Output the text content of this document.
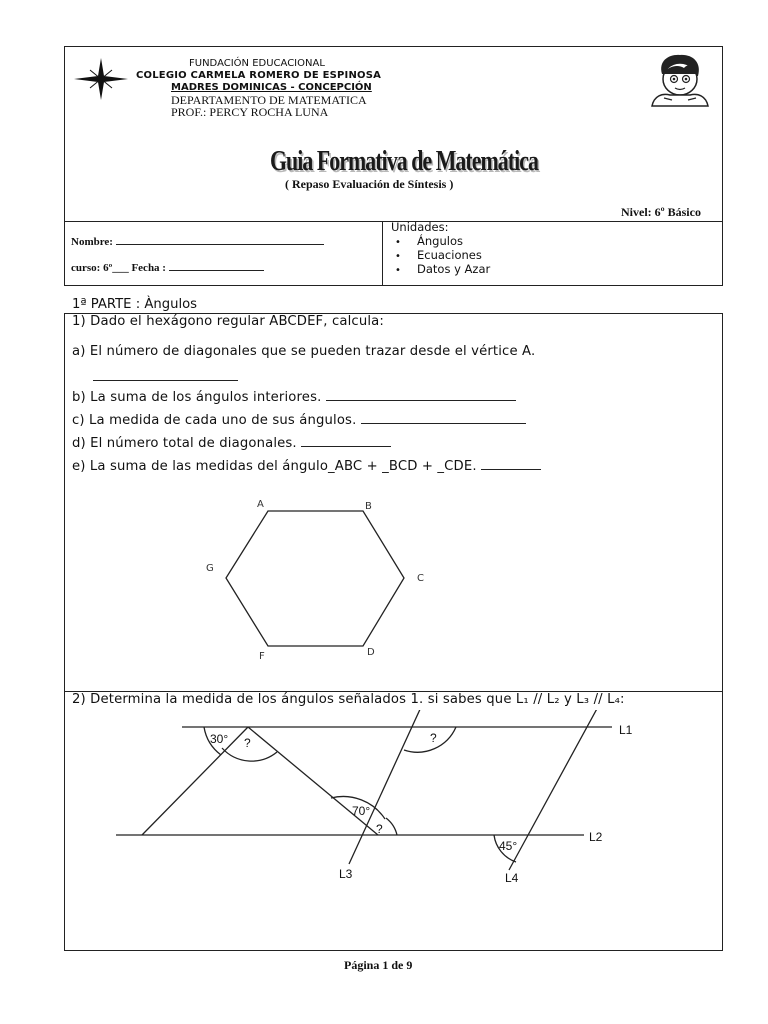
FUNDACIÓN EDUCACIONAL
COLEGIO CARMELA ROMERO DE ESPINOSA
MADRES DOMINICAS - CONCEPCIÓN
DEPARTAMENTO DE MATEMATICA
PROF.: PERCY ROCHA LUNA
Guia Formativa de Matemática
( Repaso Evaluación de Síntesis )
Nivel: 6º Básico
Nombre:
curso: 6º___ Fecha :
Unidades:
• Ángulos
• Ecuaciones
• Datos y Azar
1ª PARTE : Àngulos
1) Dado el hexágono regular ABCDEF, calcula:
a) El número de diagonales que se pueden trazar desde el vértice A.
b) La suma de los ángulos interiores.
c) La medida de cada uno de sus ángulos.
d) El número total de diagonales.
e) La suma de las medidas del ángulo_ABC + _BCD + _CDE.
A	B
C
D
F
G
2) Determina la medida de los ángulos señalados 1. si sabes que L₁ // L₂ y L₃ // L₄:
30° ?	?
70°
?
45°
L1
L2
L3	L4
Página 1 de 9
